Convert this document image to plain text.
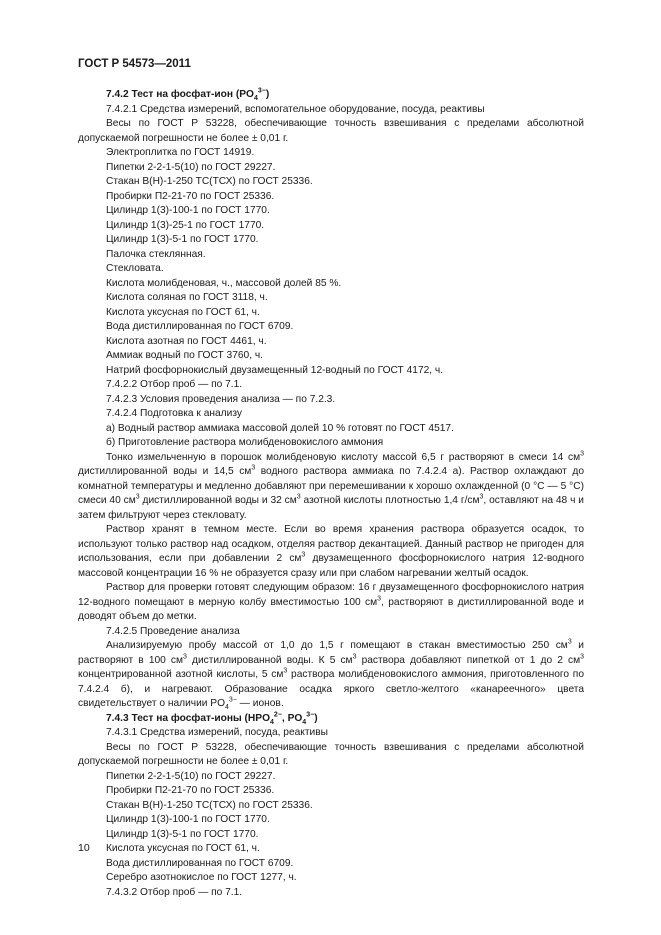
ГОСТ Р 54573—2011

7.4.2 Тест на фосфат-ион $(PO_4^{3-})$

7.4.2.1 Средства измерений, вспомогательное оборудование, посуда, реактивы

Весы по ГОСТ Р 53228, обеспечивающие точность взвешивания с пределами абсолютной допускаемой погрешности не более ± 0,01 г.

Электроплитка по ГОСТ 14919.

Пипетки 2-2-1-5(10) по ГОСТ 29227.

Стакан В(Н)-1-250 ТС(ТСХ) по ГОСТ 25336.

Пробирки П2-21-70 по ГОСТ 25336.

Цилиндр 1(3)-100-1 по ГОСТ 1770.

Цилиндр 1(3)-25-1 по ГОСТ 1770.

Цилиндр 1(3)-5-1 по ГОСТ 1770.

Палочка стеклянная.

Стекловата.

Кислота молибденовая, ч., массовой долей 85 %.

Кислота соляная по ГОСТ 3118, ч.

Кислота уксусная по ГОСТ 61, ч.

Вода дистиллированная по ГОСТ 6709.

Кислота азотная по ГОСТ 4461, ч.

Аммиак водный по ГОСТ 3760, ч.

Натрий фосфорнокислый двузамещенный 12-водный по ГОСТ 4172, ч.

7.4.2.2 Отбор проб — по 7.1.

7.4.2.3 Условия проведения анализа — по 7.2.3.

7.4.2.4 Подготовка к анализу

а) Водный раствор аммиака массовой долей 10 % готовят по ГОСТ 4517.

б) Приготовление раствора молибденовокислого аммония

Тонко измельченную в порошок молибденовую кислоту массой 6,5 г растворяют в смеси 14 $см^3$ дистиллированной воды и 14,5 $см^3$ водного раствора аммиака по 7.4.2.4 а). Раствор охлаждают до комнатной температуры и медленно добавляют при перемешивании к хорошо охлажденной (0 °С — 5 °С) смеси 40 $см^3$ дистиллированной воды и 32 $см^3$ азотной кислоты плотностью 1,4 $г/см^3$, оставляют на 48 ч и затем фильтруют через стекловату.

Раствор хранят в темном месте. Если во время хранения раствора образуется осадок, то используют только раствор над осадком, отделяя раствор декантацией. Данный раствор не пригоден для использования, если при добавлении 2 $см^3$ двузамещенного фосфорнокислого натрия 12-водного массовой концентрации 16 % не образуется сразу или при слабом нагревании желтый осадок.

Раствор для проверки готовят следующим образом: 16 г двузамещенного фосфорнокислого натрия 12-водного помещают в мерную колбу вместимостью 100 $см^3$, растворяют в дистиллированной воде и доводят объем до метки.

7.4.2.5 Проведение анализа

Анализируемую пробу массой от 1,0 до 1,5 г помещают в стакан вместимостью 250 $см^3$ и растворяют в 100 $см^3$ дистиллированной воды. К 5 $см^3$ раствора добавляют пипеткой от 1 до 2 $см^3$ концентрированной азотной кислоты, 5 $см^3$ раствора молибденовокислого аммония, приготовленного по 7.4.2.4 б), и нагревают. Образование осадка яркого светло-желтого «канареечного» цвета свидетельствует о наличии $PO_4^{3-}$ — ионов.

7.4.3 Тест на фосфат-ионы ($HPO_4^{2-}$, $PO_4^{3-}$)

7.4.3.1 Средства измерений, посуда, реактивы

Весы по ГОСТ Р 53228, обеспечивающие точность взвешивания с пределами абсолютной допускаемой погрешности не более ± 0,01 г.

Пипетки 2-2-1-5(10) по ГОСТ 29227.

Пробирки П2-21-70 по ГОСТ 25336.

Стакан В(Н)-1-250 ТС(ТСХ) по ГОСТ 25336.

Цилиндр 1(3)-100-1 по ГОСТ 1770.

Цилиндр 1(3)-5-1 по ГОСТ 1770.

Кислота уксусная по ГОСТ 61, ч.

Вода дистиллированная по ГОСТ 6709.

Серебро азотнокислое по ГОСТ 1277, ч.

7.4.3.2 Отбор проб — по 7.1.

10
